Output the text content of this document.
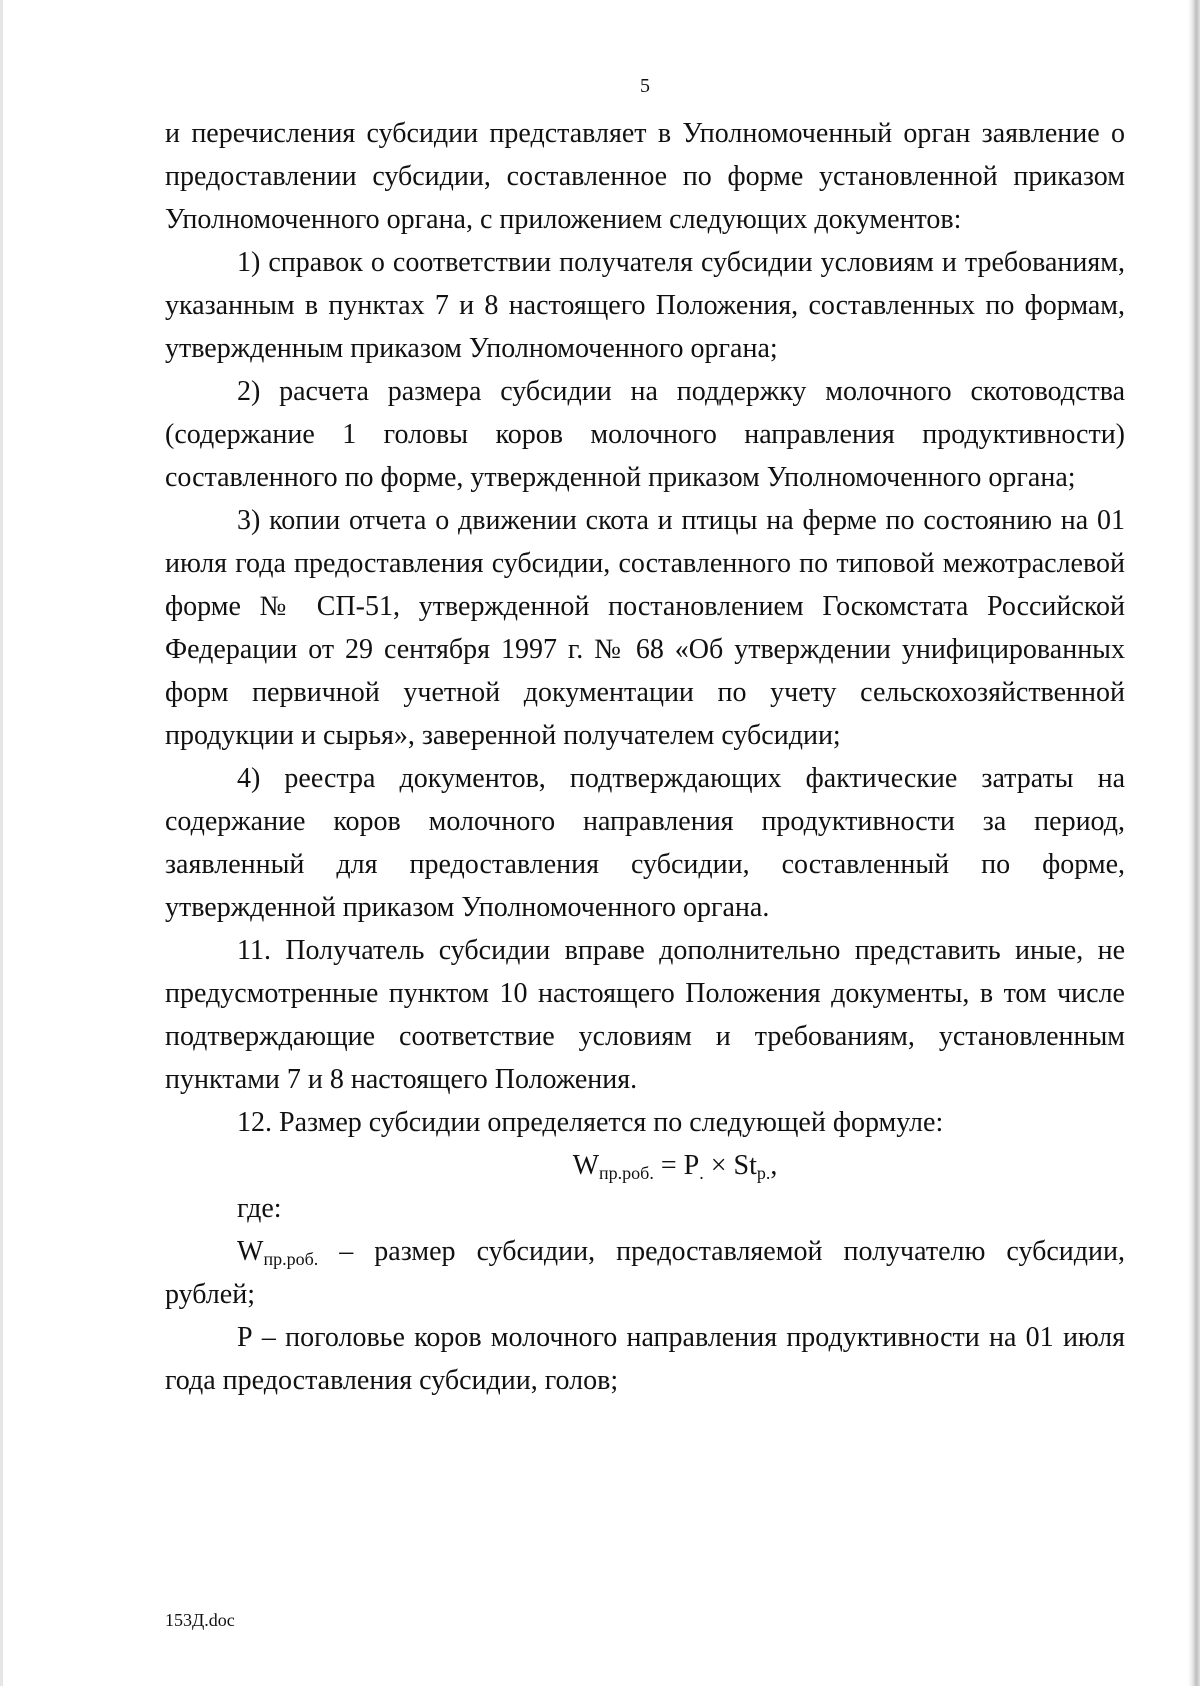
5

и перечисления субсидии представляет в Уполномоченный орган заявление о предоставлении субсидии, составленное по форме установленной приказом Уполномоченного органа, с приложением следующих документов:

1) справок о соответствии получателя субсидии условиям и требованиям, указанным в пунктах 7 и 8 настоящего Положения, составленных по формам, утвержденным приказом Уполномоченного органа;

2) расчета размера субсидии на поддержку молочного скотоводства (содержание 1 головы коров молочного направления продуктивности) составленного по форме, утвержденной приказом Уполномоченного органа;

3) копии отчета о движении скота и птицы на ферме по состоянию на 01 июля года предоставления субсидии, составленного по типовой межотраслевой форме № СП-51, утвержденной постановлением Госкомстата Российской Федерации от 29 сентября 1997 г. № 68 «Об утверждении унифицированных форм первичной учетной документации по учету сельскохозяйственной продукции и сырья», заверенной получателем субсидии;

4) реестра документов, подтверждающих фактические затраты на содержание коров молочного направления продуктивности за период, заявленный для предоставления субсидии, составленный по форме, утвержденной приказом Уполномоченного органа.

11. Получатель субсидии вправе дополнительно представить иные, не предусмотренные пунктом 10 настоящего Положения документы, в том числе подтверждающие соответствие условиям и требованиям, установленным пунктами 7 и 8 настоящего Положения.

12. Размер субсидии определяется по следующей формуле:

$W_{пр.роб.} = Р_. \times St_{р.}$,

где:

$W_{пр.роб.}$ – размер субсидии, предоставляемой получателю субсидии, рублей;

Р – поголовье коров молочного направления продуктивности на 01 июля года предоставления субсидии, голов;

153Д.doc
